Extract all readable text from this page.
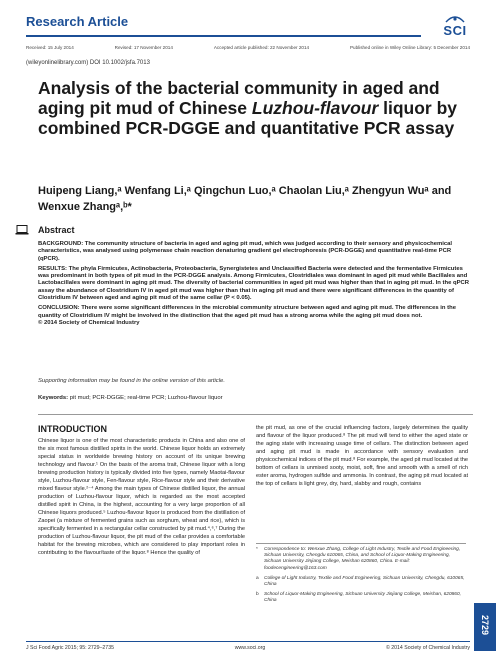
Research Article
SCI
Received: 15 July 2014	Revised: 17 November 2014	Accepted article published: 22 November 2014	Published online in Wiley Online Library: 5 December 2014
(wileyonlinelibrary.com) DOI 10.1002/jsfa.7013
Analysis of the bacterial community in aged and aging pit mud of Chinese Luzhou-flavour liquor by combined PCR-DGGE and quantitative PCR assay
Huipeng Liang,ᵃ Wenfang Li,ᵃ Qingchun Luo,ᵃ Chaolan Liu,ᵃ Zhengyun Wuᵃ and Wenxue Zhangᵃ,ᵇ*
Abstract

BACKGROUND: The community structure of bacteria in aged and aging pit mud, which was judged according to their sensory and physicochemical characteristics, was analysed using polymerase chain reaction denaturing gradient gel electrophoresis (PCR-DGGE) and quantitative real-time PCR (qPCR).

RESULTS: The phyla Firmicutes, Actinobacteria, Proteobacteria, Synergistetes and Unclassified Bacteria were detected and the fermentative Firmicutes was predominant in both types of pit mud in the PCR-DGGE analysis. Among Firmicutes, Clostridiales was dominant in aged pit mud while Bacillales and Lactobacillales were dominant in aging pit mud. The diversity of bacterial communities in aged pit mud was higher than that in aging pit mud. In the qPCR assay the abundance of Clostridium IV in aged pit mud was higher than that in aging pit mud and there were significant differences in the quantity of Clostridium IV between aged and aging pit mud of the same cellar (P < 0.05).

CONCLUSION: There were some significant differences in the microbial community structure between aged and aging pit mud. The differences in the quantity of Clostridium IV might be involved in the distinction that the aged pit mud has a strong aroma while the aging pit mud does not.
© 2014 Society of Chemical Industry

Supporting information may be found in the online version of this article.
Keywords: pit mud; PCR-DGGE; real-time PCR; Luzhou-flavour liquor
INTRODUCTION
Chinese liquor is one of the most characteristic products in China and also one of the six most famous distilled spirits in the world. Chinese liquor holds an extremely special status in worldwide brewing history on account of its unique brewing technology and flavour.¹ On the basis of the aroma trait, Chinese liquor with a long brewing production history is typically divided into five types, namely Maotai-flavour style, Luzhou-flavour style, Fen-flavour style, Rice-flavour style and their derivative mixed flavour style.²⁻⁴ Among the main types of Chinese distilled liquor, the annual production of Luzhou-flavour liquor, which is regarded as the most accepted distilled spirit in China, is the highest, accounting for a very large proportion of all Chinese liquors produced.⁵ Luzhou-flavour liquor is produced from the distillation of Zaopei (a mixture of fermented grains such as sorghum, wheat and rice), which is specifically fermented in a rectangular cellar constructed by pit mud.⁴,⁶,⁷ During the production of Luzhou-flavour liquor, the pit mud of the cellar provides a comfortable habitat for the brewing microbes, which are considered to play important roles in contributing to the flavour/taste of the liquor.⁸ Hence the quality of
the pit mud, as one of the crucial influencing factors, largely determines the quality and flavour of the liquor produced.⁸ The pit mud will tend to either the aged state or the aging state with increasing usage time of cellars. The distinction between aged and aging pit mud is made in accordance with sensory evaluation and physicochemical indices of the pit mud.⁸ For example, the aged pit mud located at the bottom of cellars is unmixed sooty, moist, soft, fine and smooth with a smell of rich ester aroma, hydrogen sulfide and ammonia. In contrast, the aging pit mud located at the top of cellars is light grey, dry, hard, slabby and rough, contains
*	Correspondence to: Wenxue Zhang, College of Light Industry, Textile and Food Engineering, Sichuan University, Chengdu 610065, China, and School of Liquor-Making Engineering, Sichuan University Jinjiang College, Meishan 620860, China. E-mail: foodecengineering@163.com
a	College of Light Industry, Textile and Food Engineering, Sichuan University, Chengdu, 610065, China
b	School of Liquor-Making Engineering, Sichuan University Jinjiang College, Meishan, 620860, China
2729
J Sci Food Agric 2015; 95: 2729–2735	www.soci.org	© 2014 Society of Chemical Industry
